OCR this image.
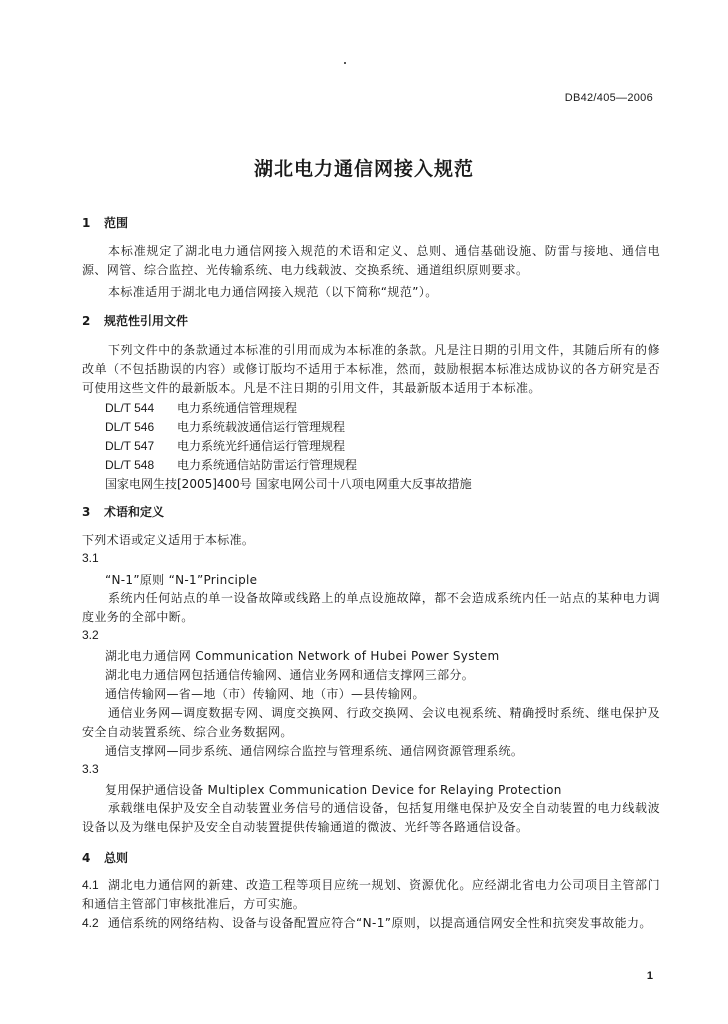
DB42/405—2006
湖北电力通信网接入规范
1 范围
本标准规定了湖北电力通信网接入规范的术语和定义、总则、通信基础设施、防雷与接地、通信电源、网管、综合监控、光传输系统、电力线载波、交换系统、通道组织原则要求。
本标准适用于湖北电力通信网接入规范（以下简称“规范”）。
2 规范性引用文件
下列文件中的条款通过本标准的引用而成为本标准的条款。凡是注日期的引用文件，其随后所有的修改单（不包括勘误的内容）或修订版均不适用于本标准，然而，鼓励根据本标准达成协议的各方研究是否可使用这些文件的最新版本。凡是不注日期的引用文件，其最新版本适用于本标准。
DL/T 544 电力系统通信管理规程
DL/T 546 电力系统载波通信运行管理规程
DL/T 547 电力系统光纤通信运行管理规程
DL/T 548 电力系统通信站防雷运行管理规程
国家电网生技[2005]400号 国家电网公司十八项电网重大反事故措施
3 术语和定义
下列术语或定义适用于本标准。
3.1
“N-1”原则 “N-1”Principle
系统内任何站点的单一设备故障或线路上的单点设施故障，都不会造成系统内任一站点的某种电力调度业务的全部中断。
3.2
湖北电力通信网 Communication Network of Hubei Power System
湖北电力通信网包括通信传输网、通信业务网和通信支撑网三部分。
通信传输网—省—地（市）传输网、地（市）—县传输网。
通信业务网—调度数据专网、调度交换网、行政交换网、会议电视系统、精确授时系统、继电保护及安全自动装置系统、综合业务数据网。
通信支撑网—同步系统、通信网综合监控与管理系统、通信网资源管理系统。
3.3
复用保护通信设备 Multiplex Communication Device for Relaying Protection
承载继电保护及安全自动装置业务信号的通信设备，包括复用继电保护及安全自动装置的电力线载波设备以及为继电保护及安全自动装置提供传输通道的微波、光纤等各路通信设备。
4 总则
4.1 湖北电力通信网的新建、改造工程等项目应统一规划、资源优化。应经湖北省电力公司项目主管部门和通信主管部门审核批准后，方可实施。
4.2 通信系统的网络结构、设备与设备配置应符合“N-1”原则，以提高通信网安全性和抗突发事故能力。
1
